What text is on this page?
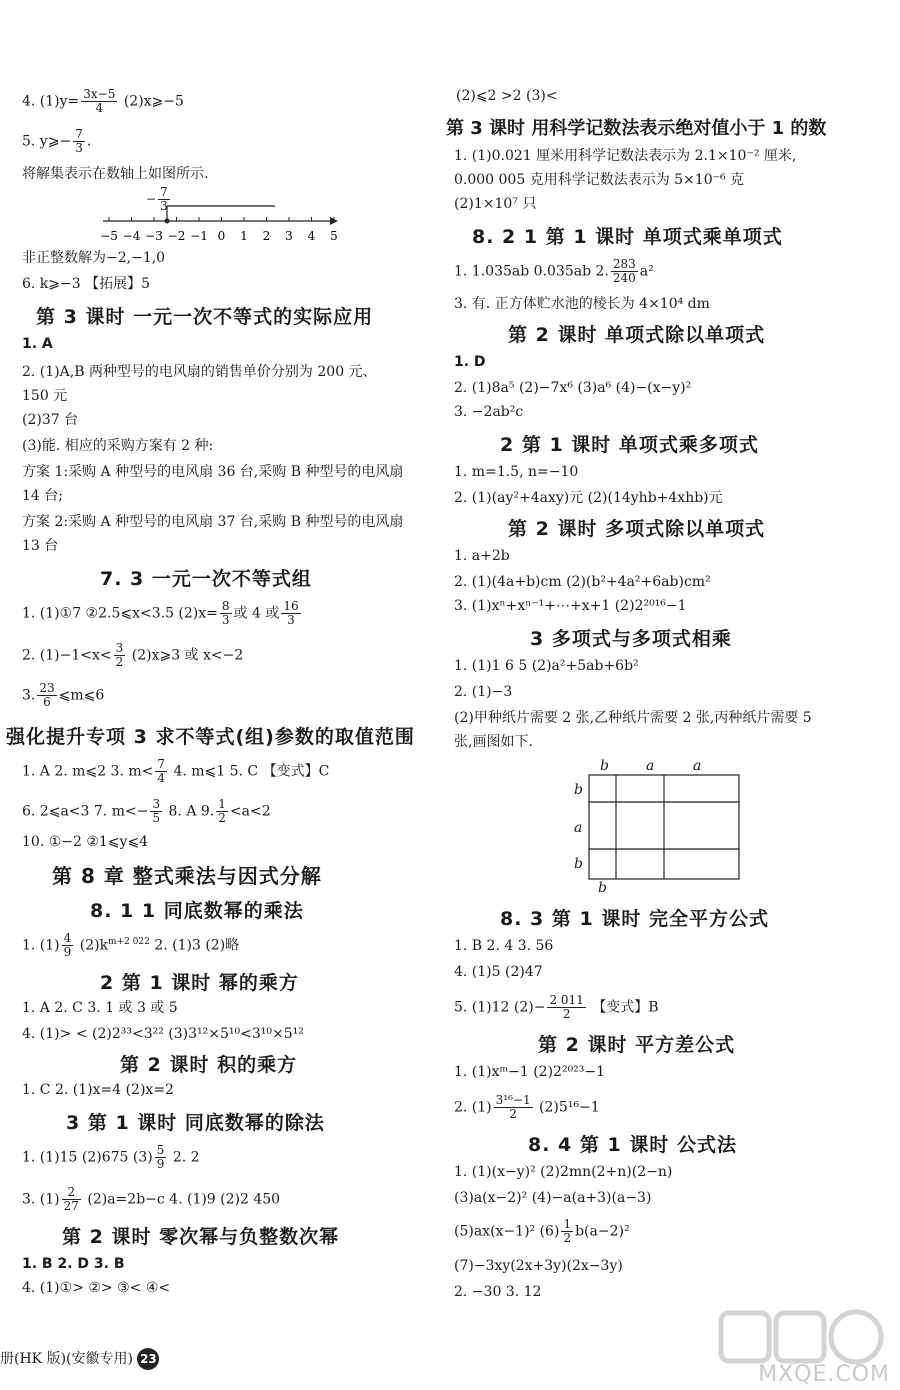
4. $(1)y= \frac{3x-5}{4}$ (2)x⩾−5
5. y⩾− $\frac{7}{3}$ .
将解集表示在数轴上如图所示.
−5 −4 −3 −2 −1 0 1 2 3 4 5
− $\frac{7}{3}$
非正整数解为−2,−1,0
6. k⩾−3 【拓展】5
第 3 课时 一元一次不等式的实际应用
1. A
2. (1)A,B 两种型号的电风扇的销售单价分别为 200 元、
150 元
(2)37 台
(3)能. 相应的采购方案有 2 种:
方案 1:采购 A 种型号的电风扇 36 台,采购 B 种型号的电风扇
14 台;
方案 2:采购 A 种型号的电风扇 37 台,采购 B 种型号的电风扇
13 台
7. 3 一元一次不等式组
1. (1)①7 ②2.5⩽x<3.5 $(2)x= \frac{8}{3}$ 或 4 或 $\frac{16}{3}$
2. $(1)-1<x< \frac{3}{2}$ (2)x⩾3 或 x<−2
3. $\frac{23}{6}$ ⩽m⩽6
强化提升专项 3 求不等式(组)参数的取值范围
1. A 2. m⩽2 3. $m< \frac{7}{4} 4$. m⩽1 5. C 【变式】C
6. 2⩽a<3 7. $m<- \frac{3}{5} 8$. A 9. $\frac{1}{2} <a<2$
10. ①−2 ②1⩽y⩽4
第 8 章 整式乘法与因式分解
8. 1 1 同底数幂的乘法
1. $(1) \frac{4}{9} (2)k^{m+2 022}$ 2. (1)3 (2)略
2 第 1 课时 幂的乘方
1. A 2. C 3. 1 或 3 或 5
4. (1)> < (2)2³³<3²² (3)3¹²×5¹⁰<3¹⁰×5¹²
第 2 课时 积的乘方
1. C 2. (1)x=4 (2)x=2
3 第 1 课时 同底数幂的除法
1. (1)15 (2)675 $(3) \frac{5}{9} 2$. 2
3. $(1) \frac{2}{27} (2)a=2b-c$ 4. (1)9 (2)2 450
第 2 课时 零次幂与负整数次幂
1. B 2. D 3. B
4. (1)①> ②> ③< ④<
(2)⩽2 >2 (3)<
第 3 课时 用科学记数法表示绝对值小于 1 的数
1. (1)0.021 厘米用科学记数法表示为 2.1×10⁻² 厘米,
0.000 005 克用科学记数法表示为 5×10⁻⁶ 克
(2)1×10⁷ 只
8. 2 1 第 1 课时 单项式乘单项式
1. 1.035ab 0.035ab 2. $\frac{283}{240} a^2$
3. 有. 正方体贮水池的棱长为 4×10⁴ dm
第 2 课时 单项式除以单项式
1. D
2. (1)8a⁵ (2)−7x⁶ (3)a⁶ (4)−(x−y)²
3. −2ab²c
2 第 1 课时 单项式乘多项式
1. m=1.5, n=−10
2. (1)(ay²+4axy)元 (2)(14yhb+4xhb)元
第 2 课时 多项式除以单项式
1. a+2b
2. (1)(4a+b)cm (2)(b²+4a²+6ab)cm²
3. (1)xⁿ+xⁿ⁻¹+⋯+x+1 (2)2²⁰¹⁶−1
3 多项式与多项式相乘
1. (1)1 6 5 (2)a²+5ab+6b²
2. (1)−3
(2)甲种纸片需要 2 张,乙种纸片需要 2 张,丙种纸片需要 5
张,画图如下.
b	a	a
b
a
b
b
8. 3 第 1 课时 完全平方公式
1. B 2. 4 3. 56
4. (1)5 (2)47
5. (1)12 $(2)- \frac{2 011}{2}$ 【变式】B
第 2 课时 平方差公式
1. (1)xᵐ−1 (2)2²⁰²³−1
2. $(1) \frac{\text{3¹⁶−1}}{2} (2)5^{16}-1$
8. 4 第 1 课时 公式法
1. (1)(x−y)² (2)2mn(2+n)(2−n)
(3)a(x−2)² (4)−a(a+3)(a−3)
(5)ax(x−1)² $(6) \frac{1}{2} b(a-2)^2$
(7)−3xy(2x+3y)(2x−3y)
2. −30 3. 12
册(HK 版)(安徽专用) 23
MXQE.COM
